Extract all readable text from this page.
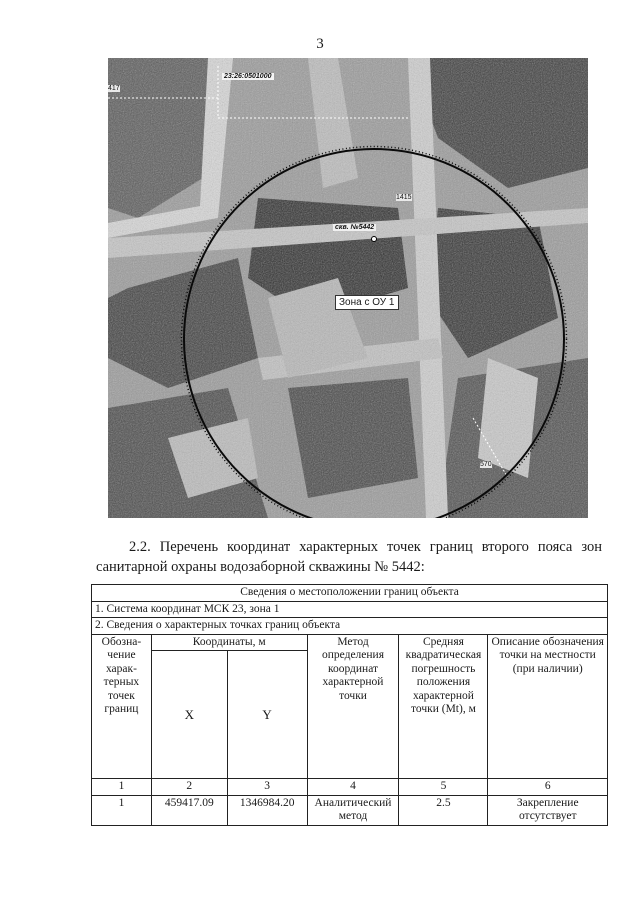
3
23:26:0501000
417
1415
570
скв. №5442
Зона с ОУ 1
2.2. Перечень координат характерных точек границ второго пояса зон санитарной охраны водозаборной скважины № 5442:
Сведения о местоположении границ объекта					
1. Система координат МСК 23, зона 1					
2. Сведения о характерных точках границ объекта					
Обозна-чение харак-терных точек границ	Координаты, м		Метод определения координат характерной точки	Средняя квадратическая погрешность положения характерной точки (Mt), м	Описание обозначения точки на местности (при наличии)
	X	Y			
1	2	3	4	5	6
1	459417.09	1346984.20	Аналитический метод	2.5	Закрепление отсутствует
